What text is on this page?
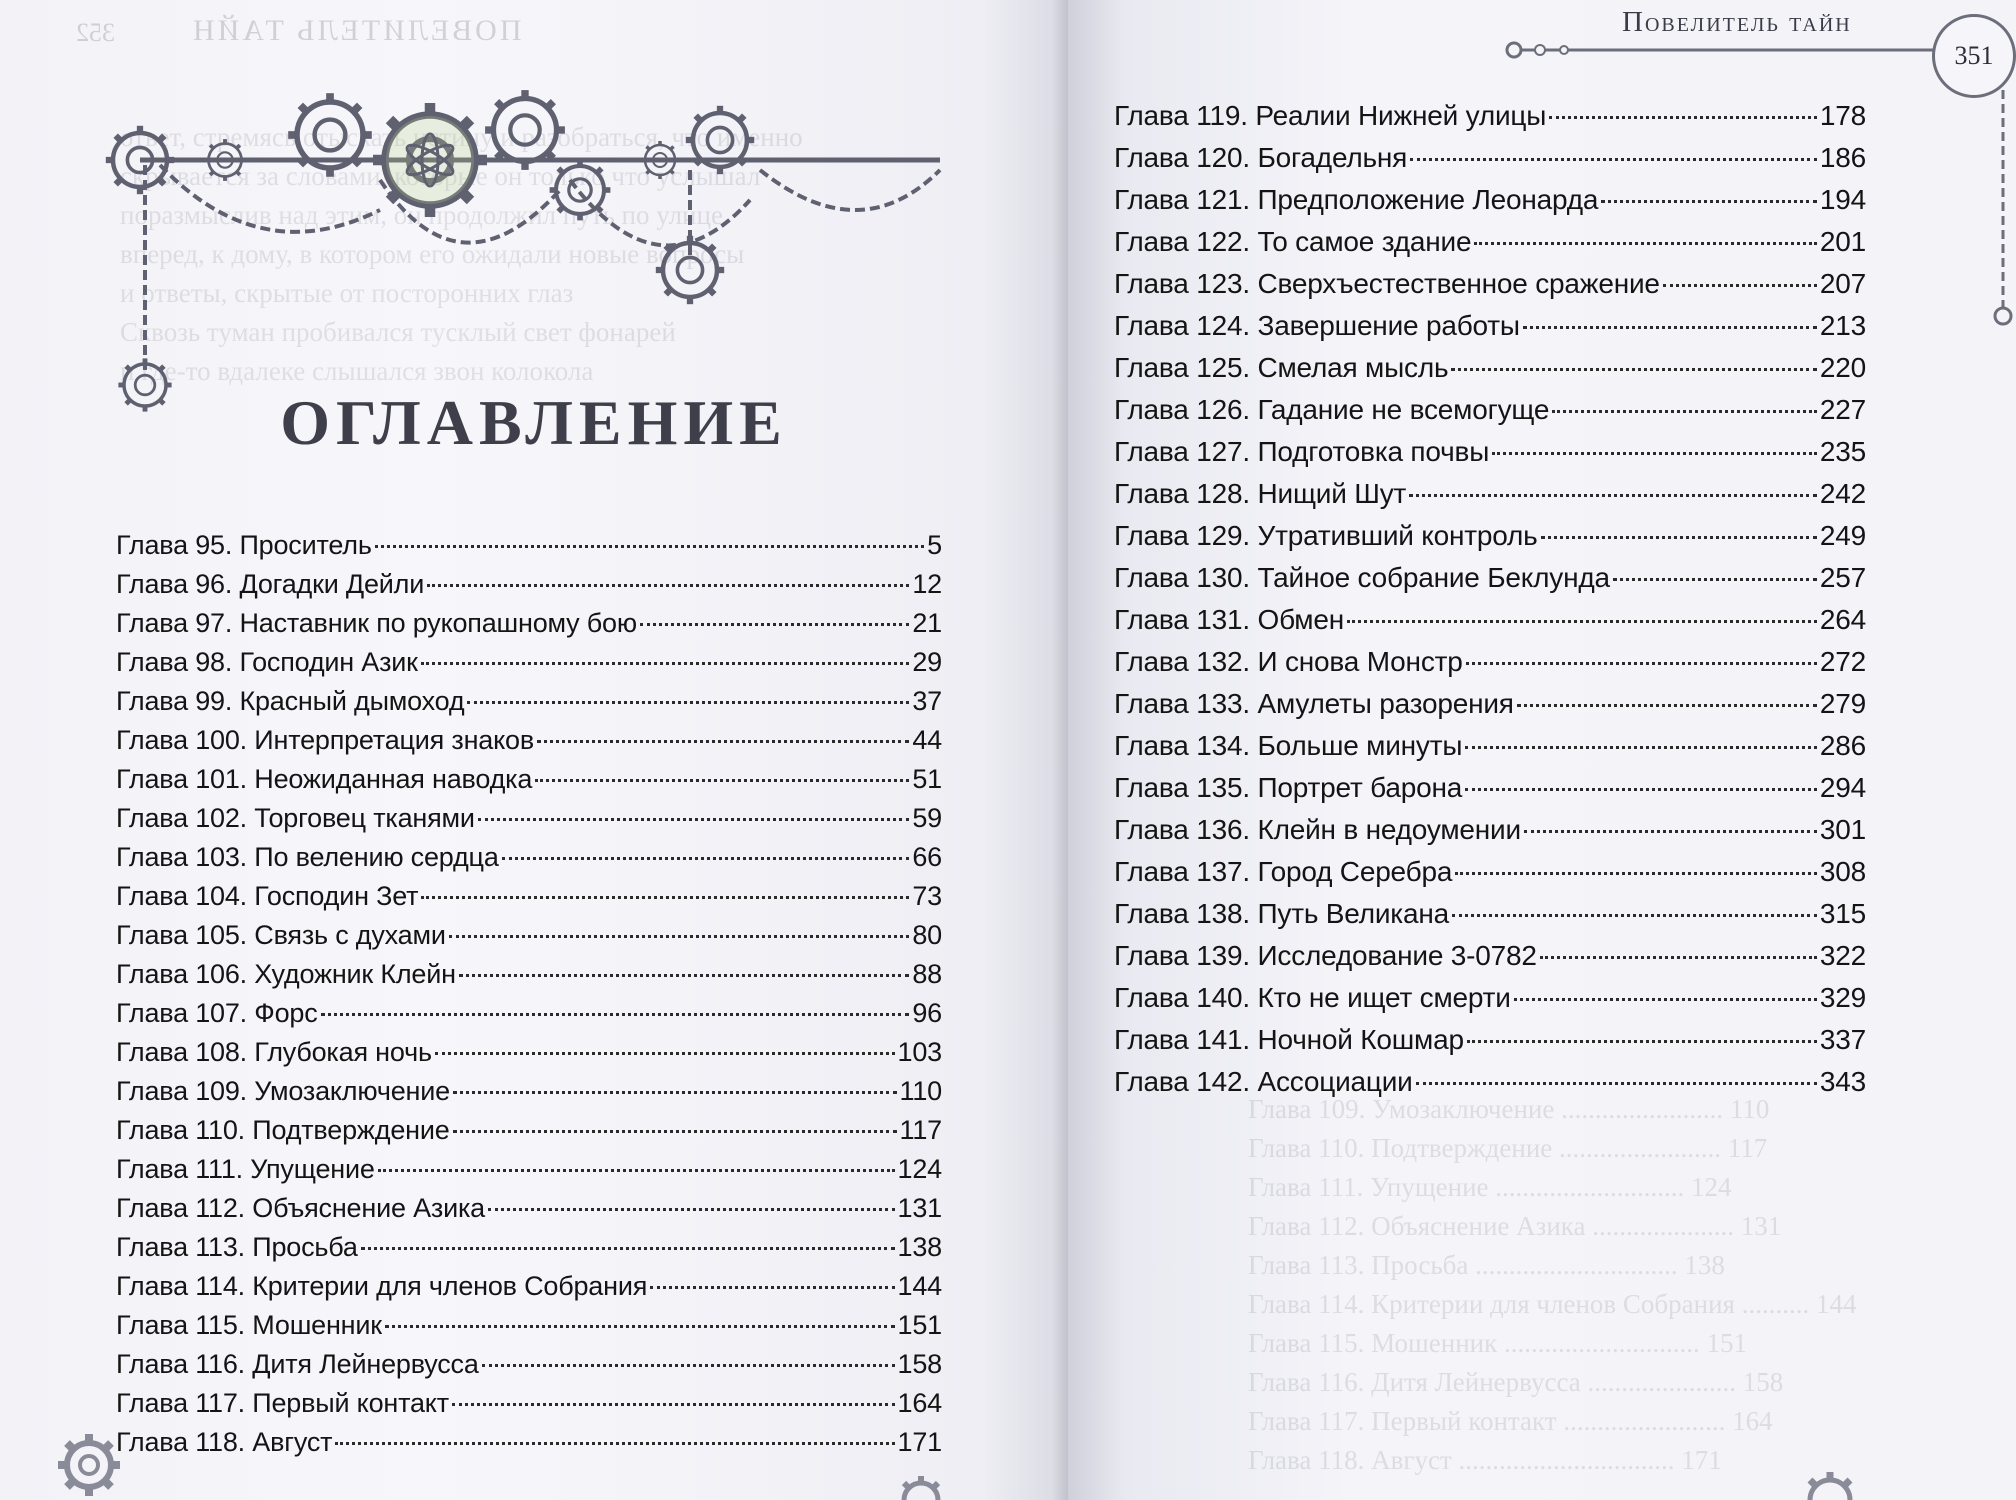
352	ПОВЕЛИТЕЛЬ ТАЙН
стремясь отыскать и разобраться, именно
скрывается за словами, он только что услышал
поразмыслив над этим, он продолжил путь по улице
вперед, к дому, в котором его ожидали новые вопросы
и ответы, скрытые от посторонних глаз
Сквозь туман пробивался тусклый свет фонарей
и где-то вдалеке слышался звон колокола
ОГЛАВЛЕНИЕ
Глава 95. Проситель	5
Глава 96. Догадки Дейли	12
Глава 97. Наставник по рукопашному бою	21
Глава 98. Господин Азик	29
Глава 99. Красный дымоход	37
Глава 100. Интерпретация знаков	44
Глава 101. Неожиданная наводка	51
Глава 102. Торговец тканями	59
Глава 103. По велению сердца	66
Глава 104. Господин Зет	73
Глава 105. Связь с духами	80
Глава 106. Художник Клейн	88
Глава 107. Форс	96
Глава 108. Глубокая ночь	103
Глава 109. Умозаключение	110
Глава 110. Подтверждение	117
Глава 111. Упущение	124
Глава 112. Объяснение Азика	131
Глава 113. Просьба	138
Глава 114. Критерии для членов Собрания	144
Глава 115. Мошенник	151
Глава 116. Дитя Лейнервусса	158
Глава 117. Первый контакт	164
Глава 118. Август	171
Глава 109. Умозаключение ........................ 110
Глава 110. Подтверждение ........................ 117
Глава 111. Упущение ............................ 124
Глава 112. Объяснение Азика ..................... 131
Глава 113. Просьба .............................. 138
Глава 114. Критерии для членов Собрания .......... 144
Глава 115. Мошенник ............................. 151
Глава 116. Дитя Лейнервусса ...................... 158
Глава 117. Первый контакт ........................ 164
Глава 118. Август ................................ 171
Повелитель тайн
351
Глава 119. Реалии Нижней улицы	178
Глава 120. Богадельня	186
Глава 121. Предположение Леонарда	194
Глава 122. То самое здание	201
Глава 123. Сверхъестественное сражение	207
Глава 124. Завершение работы	213
Глава 125. Смелая мысль	220
Глава 126. Гадание не всемогуще	227
Глава 127. Подготовка почвы	235
Глава 128. Нищий Шут	242
Глава 129. Утративший контроль	249
Глава 130. Тайное собрание Беклунда	257
Глава 131. Обмен	264
Глава 132. И снова Монстр	272
Глава 133. Амулеты разорения	279
Глава 134. Больше минуты	286
Глава 135. Портрет барона	294
Глава 136. Клейн в недоумении	301
Глава 137. Город Серебра	308
Глава 138. Путь Великана	315
Глава 139. Исследование 3-0782	322
Глава 140. Кто не ищет смерти	329
Глава 141. Ночной Кошмар	337
Глава 142. Ассоциации	343
